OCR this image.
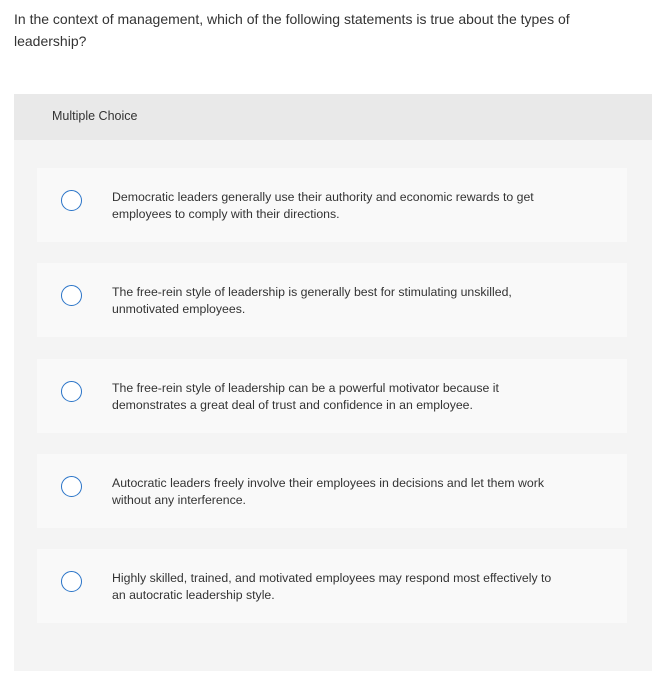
In the context of management, which of the following statements is true about the types of leadership?
Multiple Choice
Democratic leaders generally use their authority and economic rewards to get employees to comply with their directions.
The free-rein style of leadership is generally best for stimulating unskilled, unmotivated employees.
The free-rein style of leadership can be a powerful motivator because it demonstrates a great deal of trust and confidence in an employee.
Autocratic leaders freely involve their employees in decisions and let them work without any interference.
Highly skilled, trained, and motivated employees may respond most effectively to an autocratic leadership style.
